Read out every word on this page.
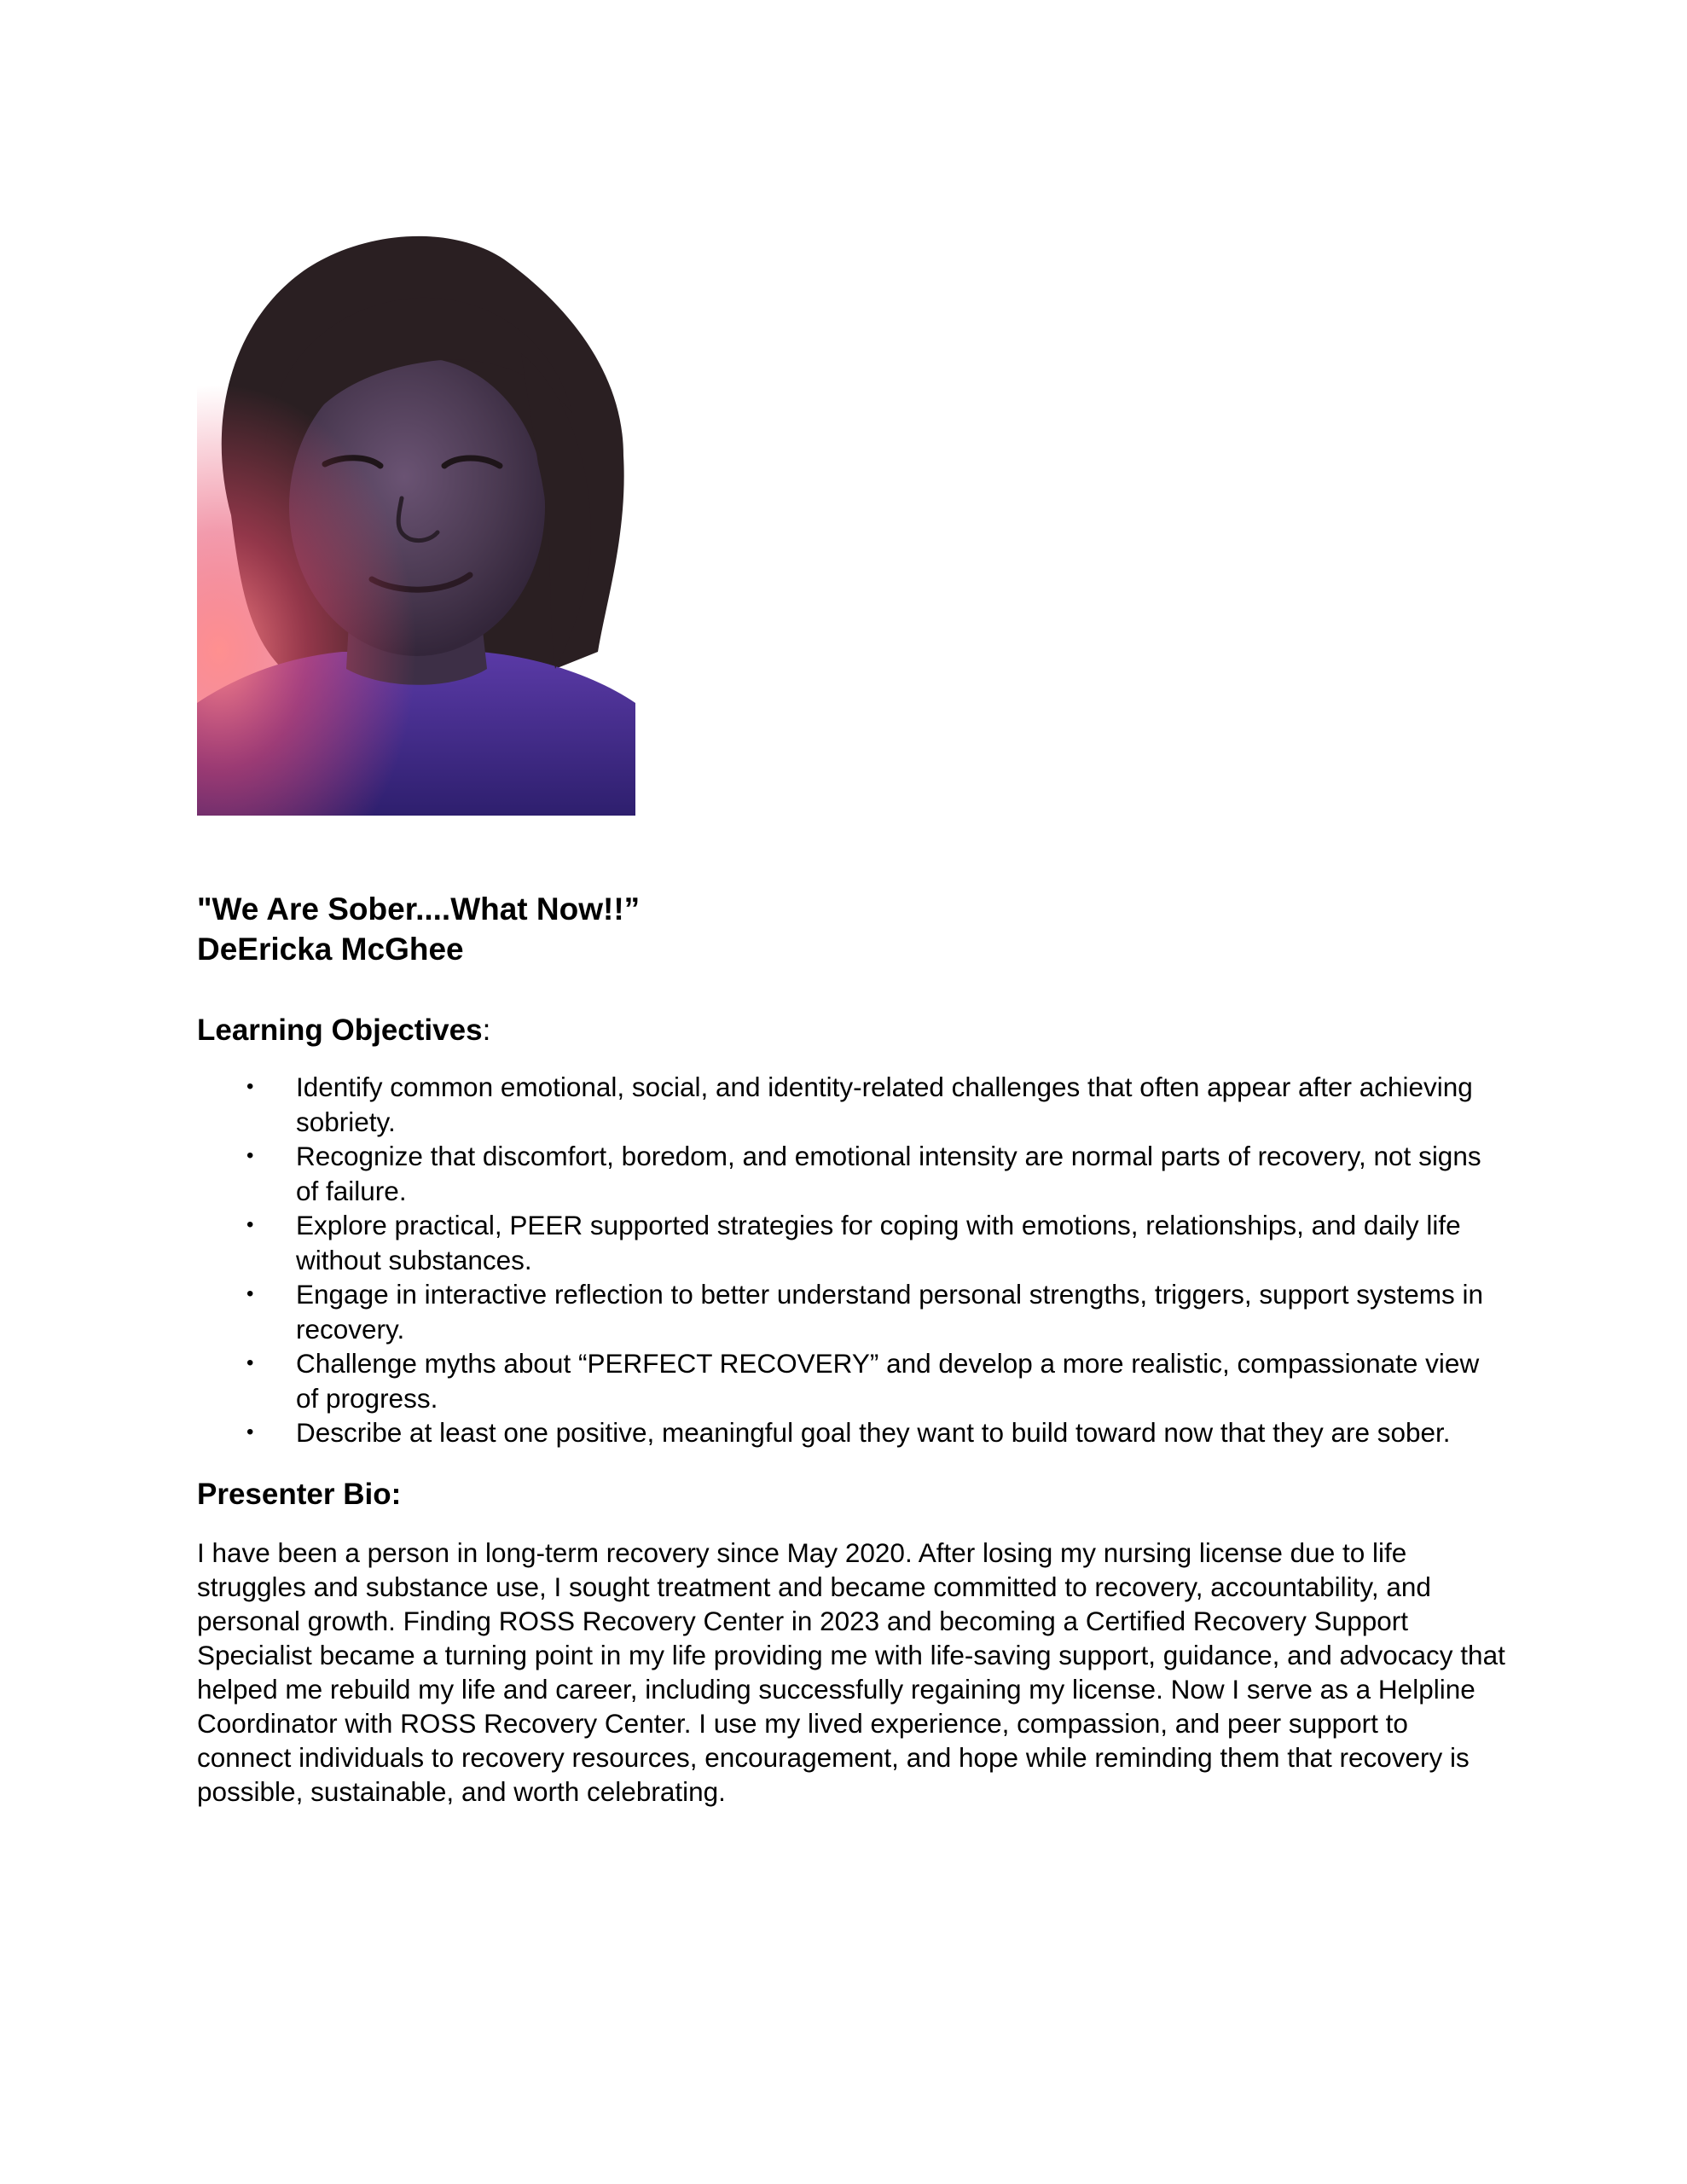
"We Are Sober....What Now!!”

DeEricka McGhee

Learning Objectives:
• Identify common emotional, social, and identity-related challenges that often appear after achieving sobriety.
• Recognize that discomfort, boredom, and emotional intensity are normal parts of recovery, not signs of failure.
• Explore practical, PEER supported strategies for coping with emotions, relationships, and daily life without substances.
• Engage in interactive reflection to better understand personal strengths, triggers, support systems in recovery.
• Challenge myths about “PERFECT RECOVERY” and develop a more realistic, compassionate view of progress.
• Describe at least one positive, meaningful goal they want to build toward now that they are sober.
Presenter Bio:

I have been a person in long-term recovery since May 2020. After losing my nursing license due to life struggles and substance use, I sought treatment and became committed to recovery, accountability, and personal growth. Finding ROSS Recovery Center in 2023 and becoming a Certified Recovery Support Specialist became a turning point in my life providing me with life-saving support, guidance, and advocacy that helped me rebuild my life and career, including successfully regaining my license. Now I serve as a Helpline Coordinator with ROSS Recovery Center. I use my lived experience, compassion, and peer support to connect individuals to recovery resources, encouragement, and hope while reminding them that recovery is possible, sustainable, and worth celebrating.
